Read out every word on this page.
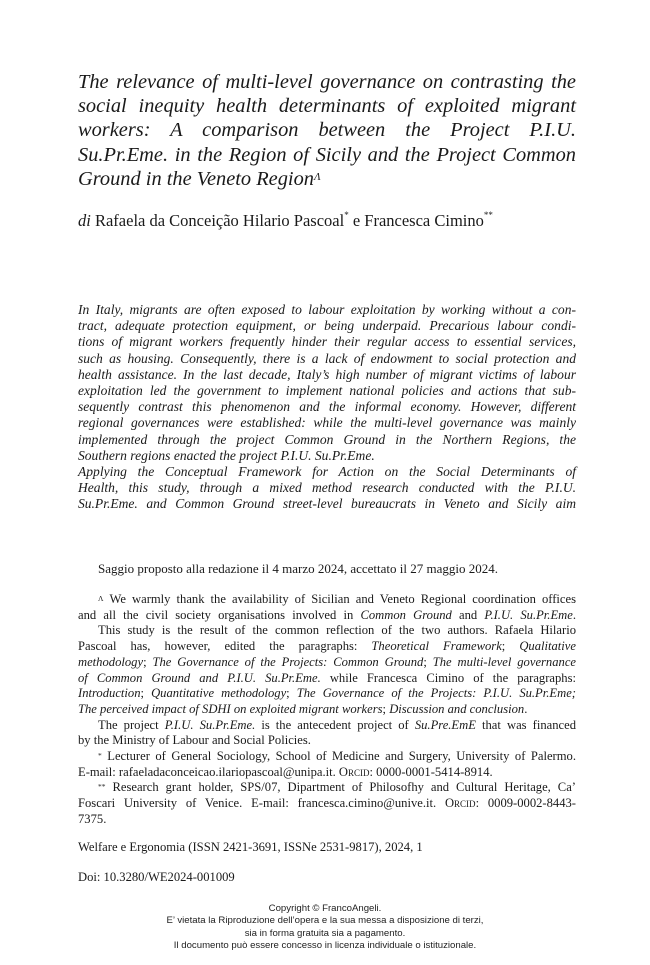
The relevance of multi-level governance on contrasting the
social inequity health determinants of exploited migrant
workers: A comparison between the Project P.I.U.
Su.Pr.Eme. in the Region of Sicily and the Project Common
Ground in the Veneto Region$^\Lambda$
di Rafaela da Conceição Hilario Pascoal* e Francesca Cimino**
In Italy, migrants are often exposed to labour exploitation by working without a con-
tract, adequate protection equipment, or being underpaid. Precarious labour condi-
tions of migrant workers frequently hinder their regular access to essential services,
such as housing. Consequently, there is a lack of endowment to social protection and
health assistance. In the last decade, Italy’s high number of migrant victims of labour
exploitation led the government to implement national policies and actions that sub-
sequently contrast this phenomenon and the informal economy. However, different
regional governances were established: while the multi-level governance was mainly
implemented through the project Common Ground in the Northern Regions, the
Southern regions enacted the project P.I.U. Su.Pr.Eme.
Applying the Conceptual Framework for Action on the Social Determinants of
Health, this study, through a mixed method research conducted with the P.I.U.
Su.Pr.Eme. and Common Ground street-level bureaucrats in Veneto and Sicily aim
Saggio proposto alla redazione il 4 marzo 2024, accettato il 27 maggio 2024.
$^\Lambda$ We warmly thank the availability of Sicilian and Veneto Regional coordination offices
and all the civil society organisations involved in Common Ground and P.I.U. Su.Pr.Eme.
This study is the result of the common reflection of the two authors. Rafaela Hilario
Pascoal has, however, edited the paragraphs: Theoretical Framework; Qualitative
methodology; The Governance of the Projects: Common Ground; The multi-level governance
of Common Ground and P.I.U. Su.Pr.Eme. while Francesca Cimino of the paragraphs:
Introduction; Quantitative methodology; The Governance of the Projects: P.I.U. Su.Pr.Eme;
The perceived impact of SDHI on exploited migrant workers; Discussion and conclusion.
The project P.I.U. Su.Pr.Eme. is the antecedent project of Su.Pre.EmE that was financed
by the Ministry of Labour and Social Policies.
* Lecturer of General Sociology, School of Medicine and Surgery, University of Palermo.
E-mail: rafaeladaconceicao.ilariopascoal@unipa.it. Orcid: 0000-0001-5414-8914.
** Research grant holder, SPS/07, Dipartment of Philosofhy and Cultural Heritage, Ca’
Foscari University of Venice. E-mail: francesca.cimino@unive.it. Orcid: 0009-0002-8443-
7375.
Welfare e Ergonomia (ISSN 2421-3691, ISSNe 2531-9817), 2024, 1
Doi: 10.3280/WE2024-001009
Copyright © FrancoAngeli.
E’ vietata la Riproduzione dell’opera e la sua messa a disposizione di terzi,
sia in forma gratuita sia a pagamento.
Il documento può essere concesso in licenza individuale o istituzionale.
